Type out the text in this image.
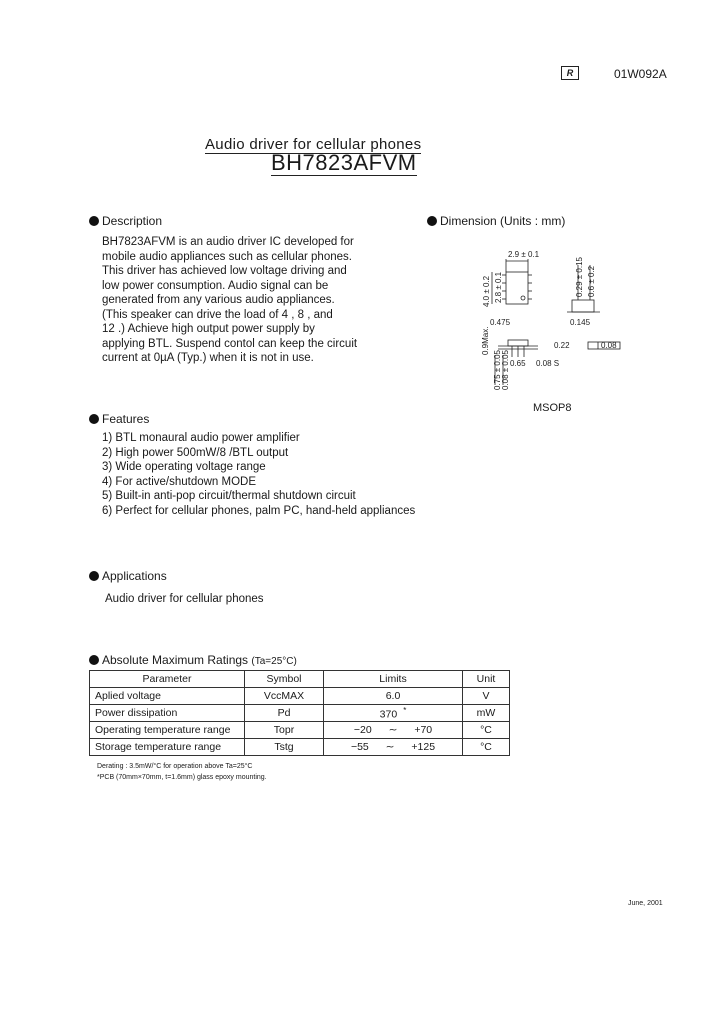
R	01W092A
Audio driver for cellular phones
BH7823AFVM
Description
BH7823AFVM is an audio driver IC developed for
mobile audio appliances such as cellular phones.
This driver has achieved low voltage driving and
low power consumption. Audio signal can be
generated from any various audio appliances.
(This speaker can drive the load of 4 , 8 , and
12 .) Achieve high output power supply by
applying BTL. Suspend contol can keep the circuit
current at 0µA (Typ.) when it is not in use.
Dimension (Units : mm)
2.9 ± 0.1
4.0 ± 0.2 2.8 ± 0.1
0.475
0.29 ± 0.15 0.6 ± 0.2
0.145
0.9Max.	0.22	0.08
0.65 0.08 S
0.75 ± 0.05 0.08 ± 0.05
MSOP8
Features
1) BTL monaural audio power amplifier
2) High power 500mW/8 /BTL output
3) Wide operating voltage range
4) For active/shutdown MODE
5) Built-in anti-pop circuit/thermal shutdown circuit
6) Perfect for cellular phones, palm PC, hand-held appliances
Applications
Audio driver for cellular phones
Absolute Maximum Ratings (Ta=25°C)
Parameter	Symbol	Limits	Unit
Aplied voltage	VccMAX	6.0	V
Power dissipation	Pd	370 *	mW
Operating temperature range	Topr	−20 ∼ +70	°C
Storage temperature range	Tstg	−55 ∼ +125	°C
Derating : 3.5mW/°C for operation above Ta=25°C
*PCB (70mm×70mm, t=1.6mm) glass epoxy mounting.
June, 2001
